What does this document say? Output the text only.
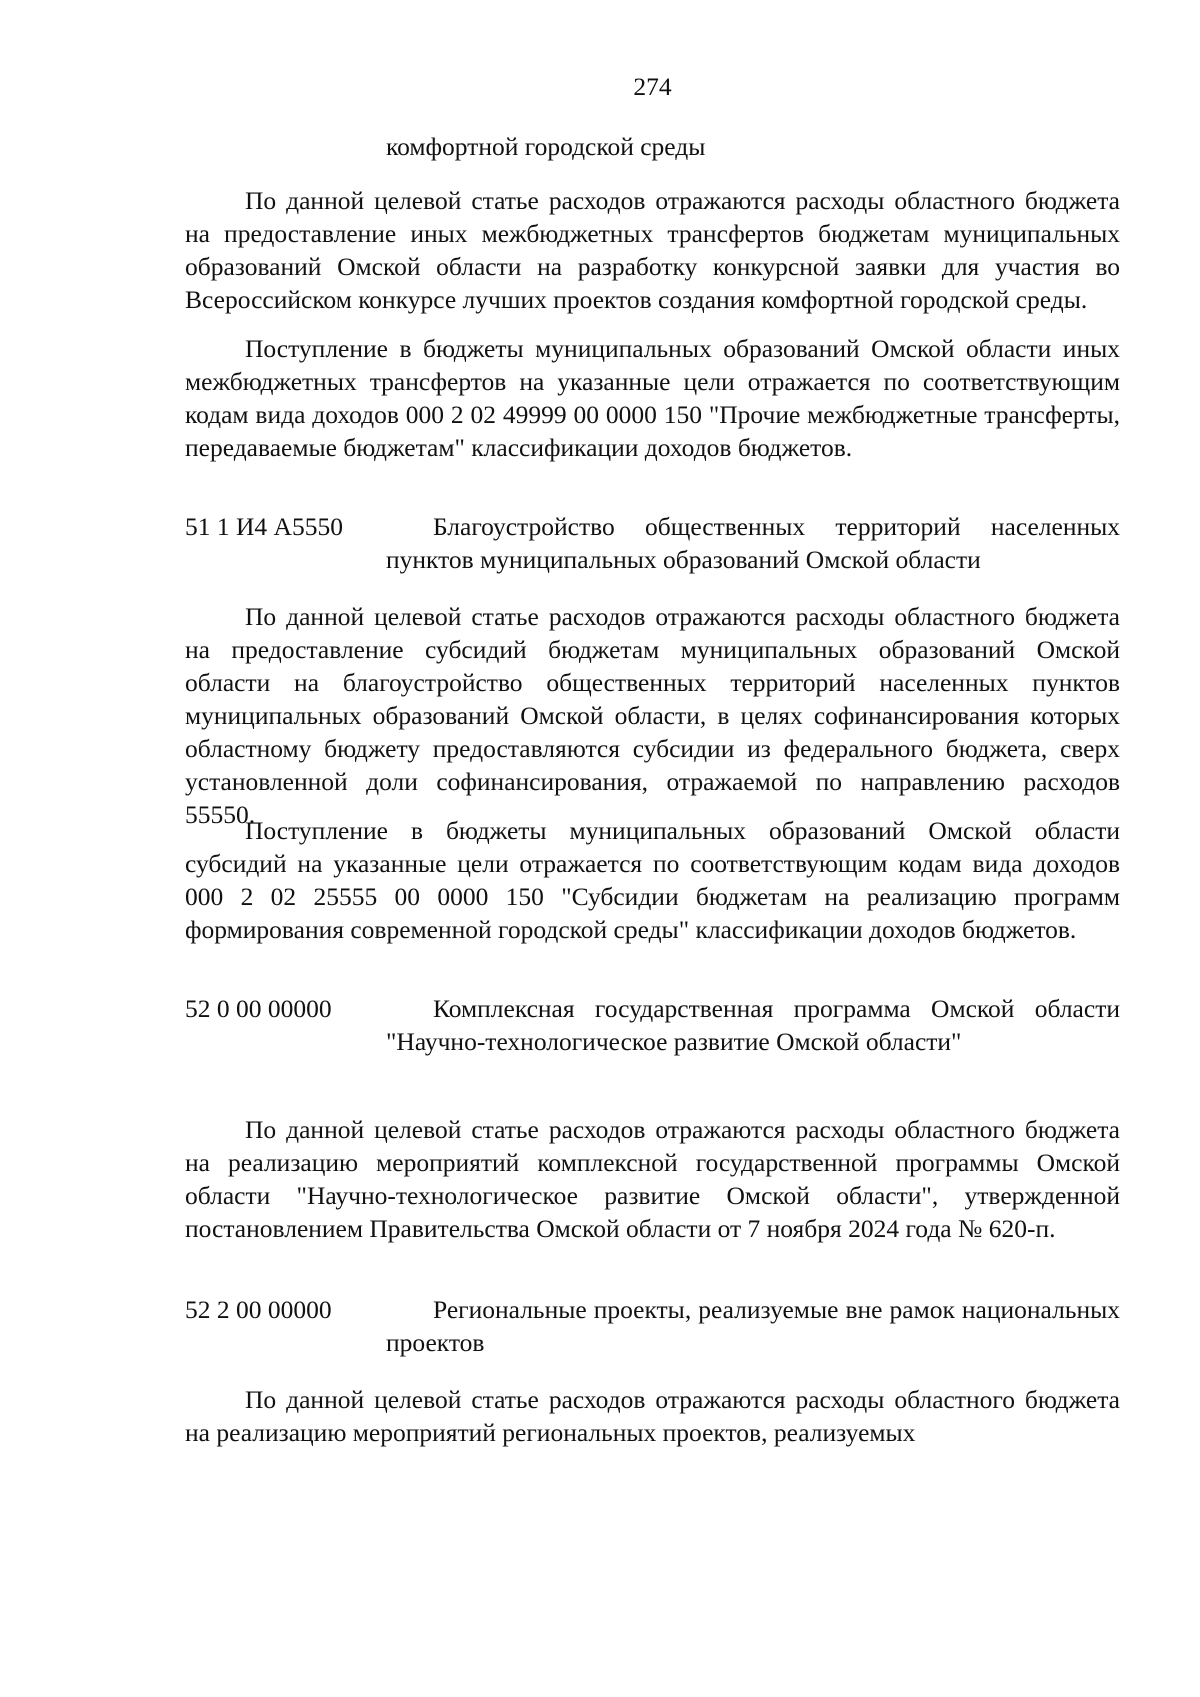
274
комфортной городской среды

По данной целевой статье расходов отражаются расходы областного бюджета на предоставление иных межбюджетных трансфертов бюджетам муниципальных образований Омской области на разработку конкурсной заявки для участия во Всероссийском конкурсе лучших проектов создания комфортной городской среды.

Поступление в бюджеты муниципальных образований Омской области иных межбюджетных трансфертов на указанные цели отражается по соответствующим кодам вида доходов 000 2 02 49999 00 0000 150 "Прочие межбюджетные трансферты, передаваемые бюджетам" классификации доходов бюджетов.

51 1 И4 А5550	Благоустройство общественных территорий населенных пунктов муниципальных образований Омской области

По данной целевой статье расходов отражаются расходы областного бюджета на предоставление субсидий бюджетам муниципальных образований Омской области на благоустройство общественных территорий населенных пунктов муниципальных образований Омской области, в целях софинансирования которых областному бюджету предоставляются субсидии из федерального бюджета, сверх установленной доли софинансирования, отражаемой по направлению расходов 55550.

Поступление в бюджеты муниципальных образований Омской области субсидий на указанные цели отражается по соответствующим кодам вида доходов 000 2 02 25555 00 0000 150 "Субсидии бюджетам на реализацию программ формирования современной городской среды" классификации доходов бюджетов.

52 0 00 00000	Комплексная государственная программа Омской области "Научно-технологическое развитие Омской области"

По данной целевой статье расходов отражаются расходы областного бюджета на реализацию мероприятий комплексной государственной программы Омской области "Научно-технологическое развитие Омской области", утвержденной постановлением Правительства Омской области от 7 ноября 2024 года № 620-п.

52 2 00 00000	Региональные проекты, реализуемые вне рамок национальных проектов

По данной целевой статье расходов отражаются расходы областного бюджета на реализацию мероприятий региональных проектов, реализуемых
